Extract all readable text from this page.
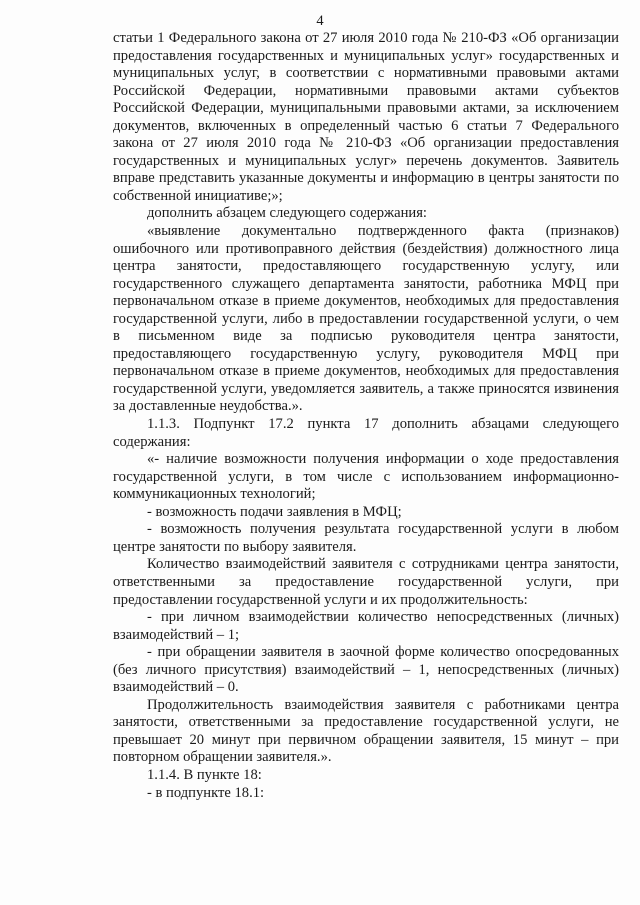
4

статьи 1 Федерального закона от 27 июля 2010 года № 210-ФЗ «Об организации предоставления государственных и муниципальных услуг» государственных и муниципальных услуг, в соответствии с нормативными правовыми актами Российской Федерации, нормативными правовыми актами субъектов Российской Федерации, муниципальными правовыми актами, за исключением документов, включенных в определенный частью 6 статьи 7 Федерального закона от 27 июля 2010 года № 210-ФЗ «Об организации предоставления государственных и муниципальных услуг» перечень документов. Заявитель вправе представить указанные документы и информацию в центры занятости по собственной инициативе;»;

дополнить абзацем следующего содержания:

«выявление документально подтвержденного факта (признаков) ошибочного или противоправного действия (бездействия) должностного лица центра занятости, предоставляющего государственную услугу, или государственного служащего департамента занятости, работника МФЦ при первоначальном отказе в приеме документов, необходимых для предоставления государственной услуги, либо в предоставлении государственной услуги, о чем в письменном виде за подписью руководителя центра занятости, предоставляющего государственную услугу, руководителя МФЦ при первоначальном отказе в приеме документов, необходимых для предоставления государственной услуги, уведомляется заявитель, а также приносятся извинения за доставленные неудобства.».

1.1.3. Подпункт 17.2 пункта 17 дополнить абзацами следующего содержания:

«- наличие возможности получения информации о ходе предоставления государственной услуги, в том числе с использованием информационно-коммуникационных технологий;

- возможность подачи заявления в МФЦ;

- возможность получения результата государственной услуги в любом центре занятости по выбору заявителя.

Количество взаимодействий заявителя с сотрудниками центра занятости, ответственными за предоставление государственной услуги, при предоставлении государственной услуги и их продолжительность:

- при личном взаимодействии количество непосредственных (личных) взаимодействий – 1;

- при обращении заявителя в заочной форме количество опосредованных (без личного присутствия) взаимодействий – 1, непосредственных (личных) взаимодействий – 0.

Продолжительность взаимодействия заявителя с работниками центра занятости, ответственными за предоставление государственной услуги, не превышает 20 минут при первичном обращении заявителя, 15 минут – при повторном обращении заявителя.».

1.1.4. В пункте 18:

- в подпункте 18.1:
